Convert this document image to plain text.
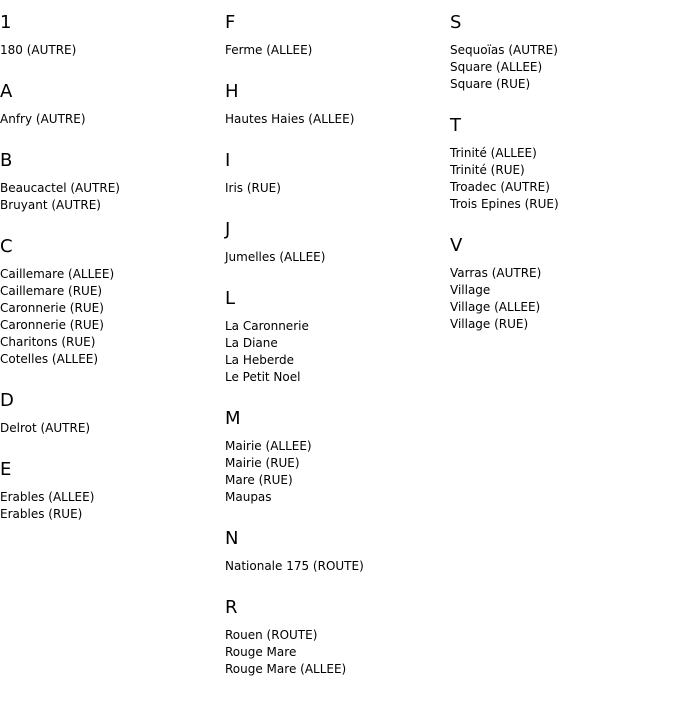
1
180 (AUTRE)
A
Anfry (AUTRE)
B
Beaucactel (AUTRE)
Bruyant (AUTRE)
C
Caillemare (ALLEE)
Caillemare (RUE)
Caronnerie (RUE)
Caronnerie (RUE)
Charitons (RUE)
Cotelles (ALLEE)
D
Delrot (AUTRE)
E
Erables (ALLEE)
Erables (RUE)
F
Ferme (ALLEE)
H
Hautes Haies (ALLEE)
I
Iris (RUE)
J
Jumelles (ALLEE)
L
La Caronnerie
La Diane
La Heberde
Le Petit Noel
M
Mairie (ALLEE)
Mairie (RUE)
Mare (RUE)
Maupas
N
Nationale 175 (ROUTE)
R
Rouen (ROUTE)
Rouge Mare
Rouge Mare (ALLEE)
S
Sequoïas (AUTRE)
Square (ALLEE)
Square (RUE)
T
Trinité (ALLEE)
Trinité (RUE)
Troadec (AUTRE)
Trois Epines (RUE)
V
Varras (AUTRE)
Village
Village (ALLEE)
Village (RUE)
